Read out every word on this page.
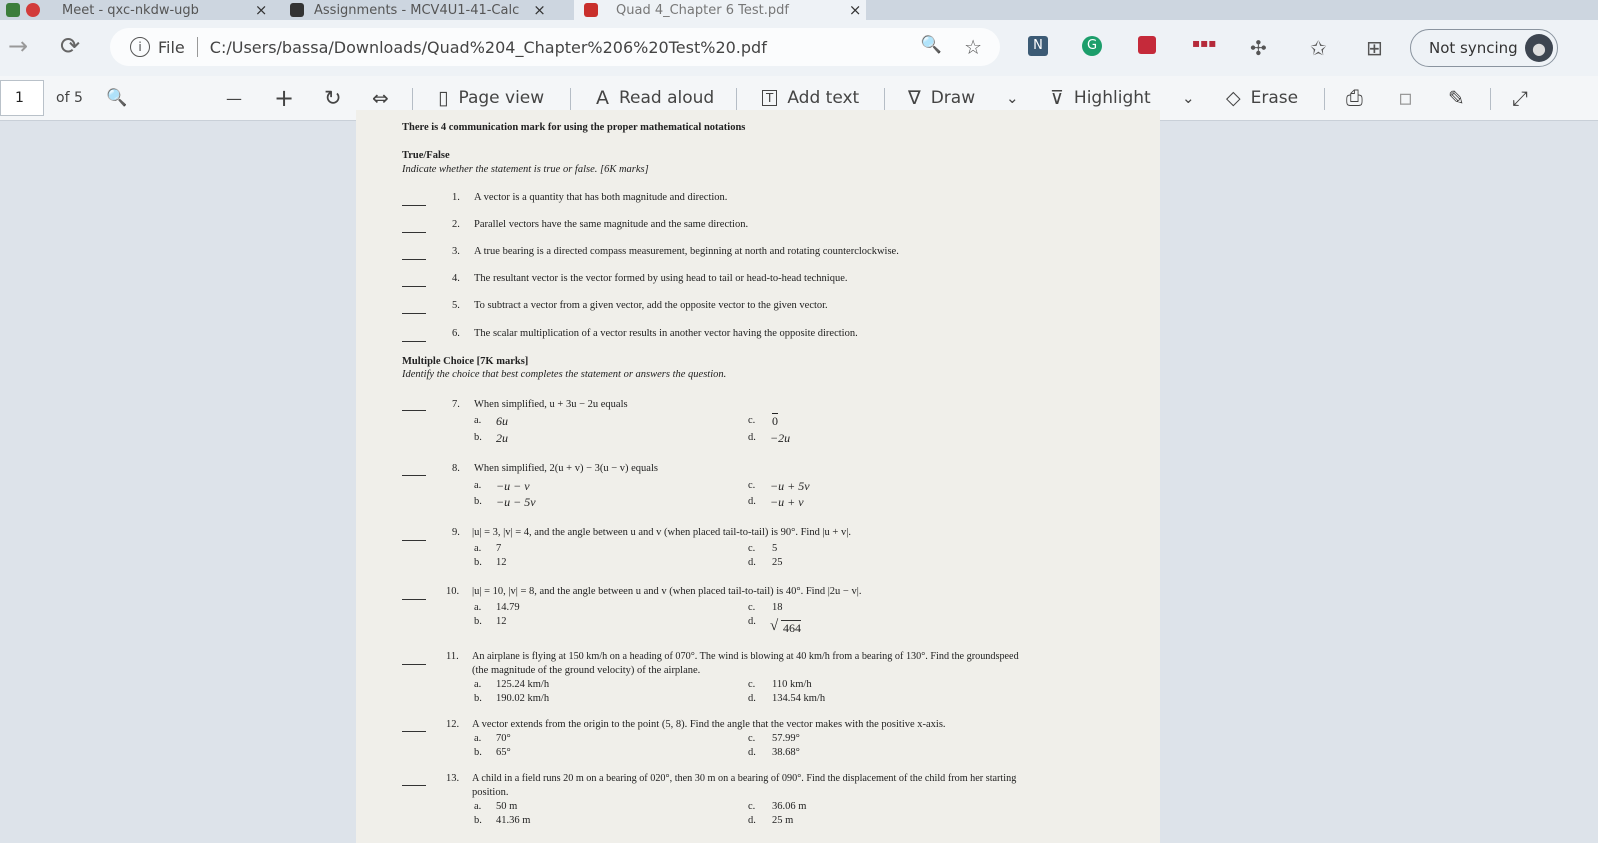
Meet - qxc-nkdw-ugb	×	Assignments - MCV4U1-41-Calc ×	Quad 4_Chapter 6 Test.pdf	×
→ ⟳	i	File C:/Users/bassa/Downloads/Quad%204_Chapter%206%20Test%20.pdf	🔍 ☆	N	G	▪▪▪ ✣ ✩ ⊞	Not syncing ●
1	of 5 🔍	— + ↻ ⇔	▯ Page view	A Read aloud	T Add text	∇ Draw ⌄ ⊽ Highlight ⌄ ◇ Erase ⎙ ▫ ✎ ⤢
There is 4 communication mark for using the proper mathematical notations
True/False
Indicate whether the statement is true or false. [6K marks]
1. A vector is a quantity that has both magnitude and direction.
2. Parallel vectors have the same magnitude and the same direction.
3. A true bearing is a directed compass measurement, beginning at north and rotating counterclockwise.
4. The resultant vector is the vector formed by using head to tail or head-to-head technique.
5. To subtract a vector from a given vector, add the opposite vector to the given vector.
6. The scalar multiplication of a vector results in another vector having the opposite direction.
Multiple Choice [7K marks]
Identify the choice that best completes the statement or answers the question.
7. When simplified, u + 3u − 2u equals
a. 6u
b. 2u
c. 0
d. −2u
8. When simplified, 2(u + v) − 3(u − v) equals
a. −u − v
b. −u − 5v
c. −u + 5v
d. −u + v
9. |u| = 3, |v| = 4, and the angle between u and v (when placed tail-to-tail) is 90°. Find |u + v|.
a. 7
b. 12
c. 5
d. 25
10. |u| = 10, |v| = 8, and the angle between u and v (when placed tail-to-tail) is 40°. Find |2u − v|.
a. 14.79
b. 12
c. 18
d. √ 464
11. An airplane is flying at 150 km/h on a heading of 070°. The wind is blowing at 40 km/h from a bearing of 130°. Find the groundspeed
(the magnitude of the ground velocity) of the airplane.
a. 125.24 km/h
b. 190.02 km/h
c. 110 km/h
d. 134.54 km/h
12. A vector extends from the origin to the point (5, 8). Find the angle that the vector makes with the positive x-axis.
a. 70°
b. 65°
c. 57.99°
d. 38.68°
13. A child in a field runs 20 m on a bearing of 020°, then 30 m on a bearing of 090°. Find the displacement of the child from her starting
position.
a. 50 m
b. 41.36 m
c. 36.06 m
d. 25 m
